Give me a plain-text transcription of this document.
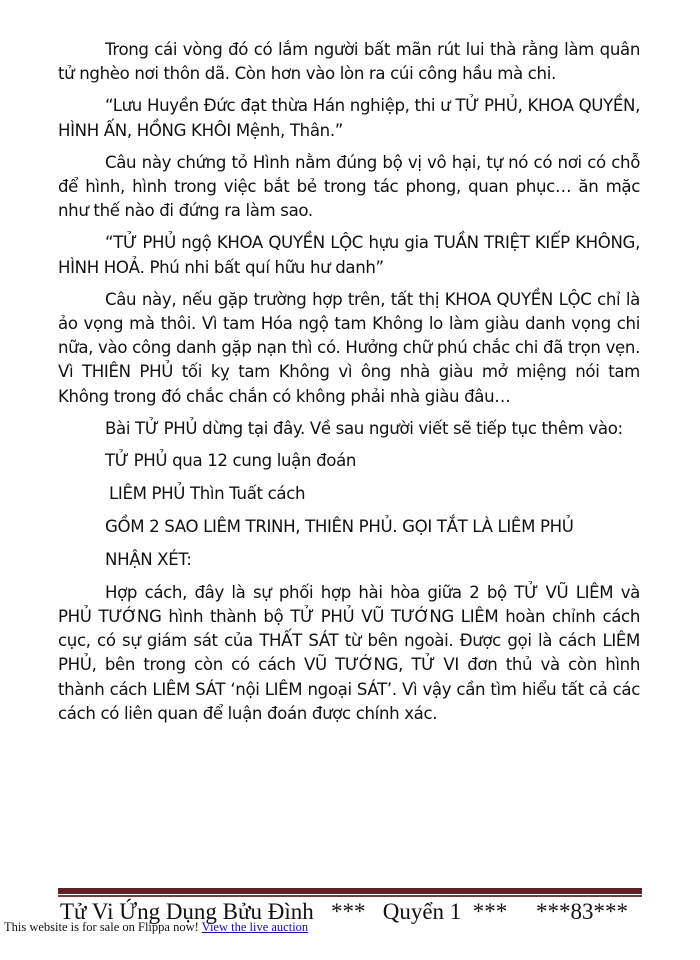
Trong cái vòng đó có lắm người bất mãn rút lui thà rằng làm quân tử nghèo nơi thôn dã. Còn hơn vào lòn ra cúi công hầu mà chi.

“Lưu Huyền Đức đạt thừa Hán nghiệp, thi ư TỬ PHỦ, KHOA QUYỀN, HÌNH ẤN, HỒNG KHÔI Mệnh, Thân.”

Câu này chứng tỏ Hình nằm đúng bộ vị vô hại, tự nó có nơi có chỗ để hình, hình trong việc bắt bẻ trong tác phong, quan phục… ăn mặc như thế nào đi đứng ra làm sao.

“TỬ PHỦ ngộ KHOA QUYỀN LỘC hựu gia TUẦN TRIỆT KIẾP KHÔNG, HÌNH HOẢ. Phú nhi bất quí hữu hư danh”

Câu này, nếu gặp trường hợp trên, tất thị KHOA QUYỀN LỘC chỉ là ảo vọng mà thôi. Vì tam Hóa ngộ tam Không lo làm giàu danh vọng chi nữa, vào công danh gặp nạn thì có. Hưởng chữ phú chắc chi đã trọn vẹn. Vì THIÊN PHỦ tối kỵ tam Không vì ông nhà giàu mở miệng nói tam Không trong đó chắc chắn có không phải nhà giàu đâu…

Bài TỬ PHỦ dừng tại đây. Về sau người viết sẽ tiếp tục thêm vào:

TỬ PHỦ qua 12 cung luận đoán

LIÊM PHỦ Thìn Tuất cách

GỒM 2 SAO LIÊM TRINH, THIÊN PHỦ. GỌI TẮT LÀ LIÊM PHỦ

NHẬN XÉT:

Hợp cách, đây là sự phối hợp hài hòa giữa 2 bộ TỬ VŨ LIÊM và PHỦ TƯỚNG hình thành bộ TỬ PHỦ VŨ TƯỚNG LIÊM hoàn chỉnh cách cục, có sự giám sát của THẤT SÁT từ bên ngoài. Được gọi là cách LIÊM PHỦ, bên trong còn có cách VŨ TƯỚNG, TỬ VI đơn thủ và còn hình thành cách LIÊM SÁT ‘nội LIÊM ngoại SÁT’. Vì vậy cần tìm hiểu tất cả các cách có liên quan để luận đoán được chính xác.

Tử Vi Ứng Dụng Bửu Đình   ***   Quyển 1  ***     ***83***
This website is for sale on Flippa now! View the live auction
